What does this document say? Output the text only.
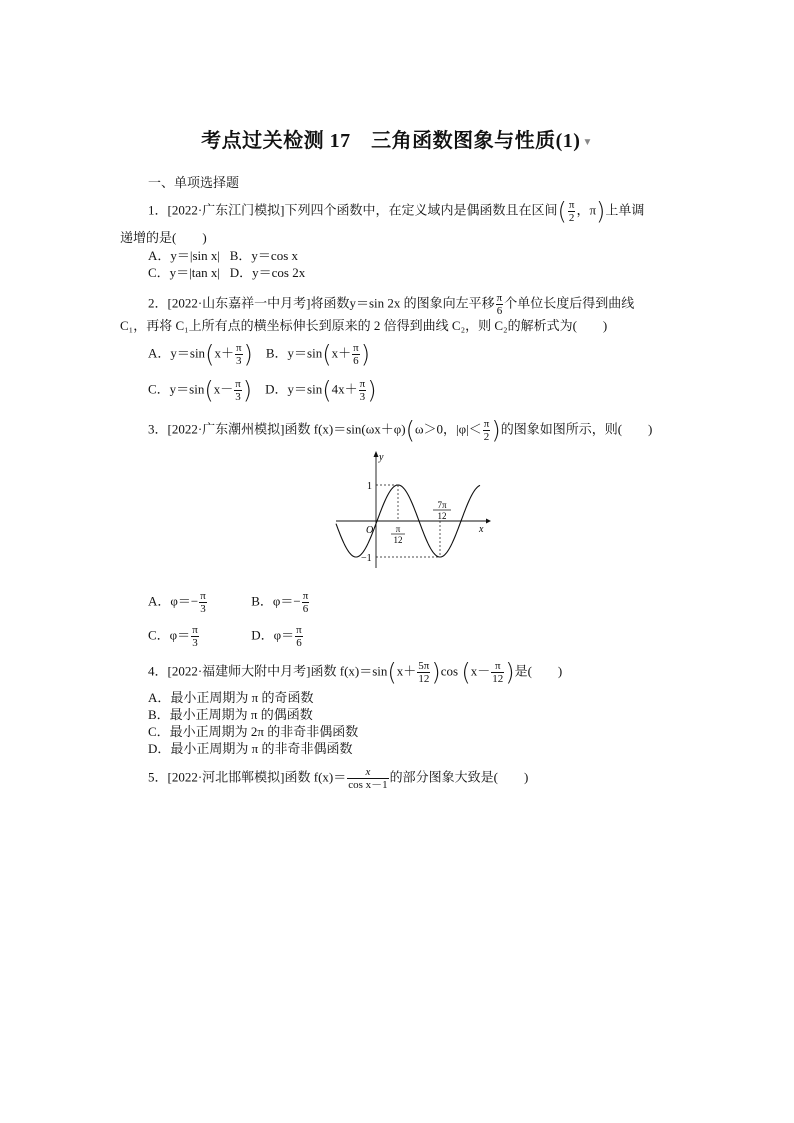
考点过关检测 17　三角函数图象与性质(1) ▼
一、单项选择题
1．[2022·广东江门模拟]下列四个函数中，在定义域内是偶函数且在区间( $\frac{\pi}{2}$ ，π)上单调
递增的是(　　)
A．y＝|sin x| B．y＝cos x
C．y＝|tan x| D．y＝cos 2x
2．[2022·山东嘉祥一中月考]将函数y＝sin 2x 的图象向左平移 $\frac{\pi}{6}$ 个单位长度后得到曲线
C₁，再将 C₁上所有点的横坐标伸长到原来的 2 倍得到曲线 C₂，则 C₂的解析式为(　　)
A．$y=\sin(x+ \frac{\pi}{3}$ ) B．$y=\sin(x+ \frac{\pi}{6}$ )
C．$y=\sin(x- \frac{\pi}{3}$ ) D．$y=\sin(4x+ \frac{\pi}{3}$ )
3．[2022·广东潮州模拟]函数 f(x)＝sin(ωx＋φ)(ω＞0，$|\varphi|< \frac{\pi}{2}$ )的图象如图所示，则(　　)
y
x
O
1
−1
π
12
7π
12
A．$\varphi=- \frac{\pi}{3}$	B．$\varphi=- \frac{\pi}{6}$
C．$\varphi= \frac{\pi}{3}$	D．$\varphi= \frac{\pi}{6}$
4．[2022·福建师大附中月考]函数 $f(x)=\sin(x+ \frac{5\pi}{12} )\cos$ ($x- \frac{\pi}{12}$ )是(　　)
A．最小正周期为 π 的奇函数
B．最小正周期为 π 的偶函数
C．最小正周期为 2π 的非奇非偶函数
D．最小正周期为 π 的非奇非偶函数
5．[2022·河北邯郸模拟]函数 $f(x)= \frac{x}{\text{cos x－1}}$ 的部分图象大致是(　　)
